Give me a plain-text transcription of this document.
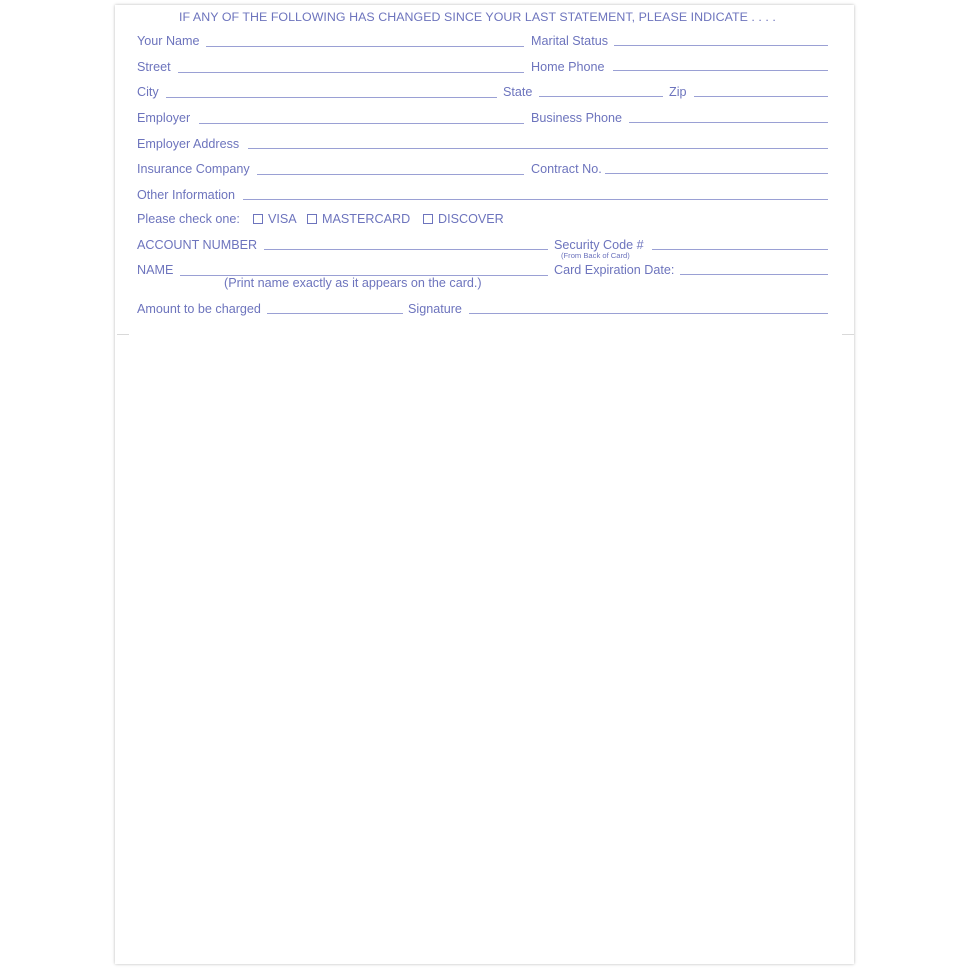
IF ANY OF THE FOLLOWING HAS CHANGED SINCE YOUR LAST STATEMENT, PLEASE INDICATE . . . .
Your Name	Marital Status
Street	Home Phone
City	State	Zip
Employer	Business Phone
Employer Address
Insurance Company	Contract No.
Other Information
Please check one:	VISA	MASTERCARD	DISCOVER
ACCOUNT NUMBER	Security Code #
(From Back of Card)
NAME	Card Expiration Date:
(Print name exactly as it appears on the card.)
Amount to be charged	Signature
